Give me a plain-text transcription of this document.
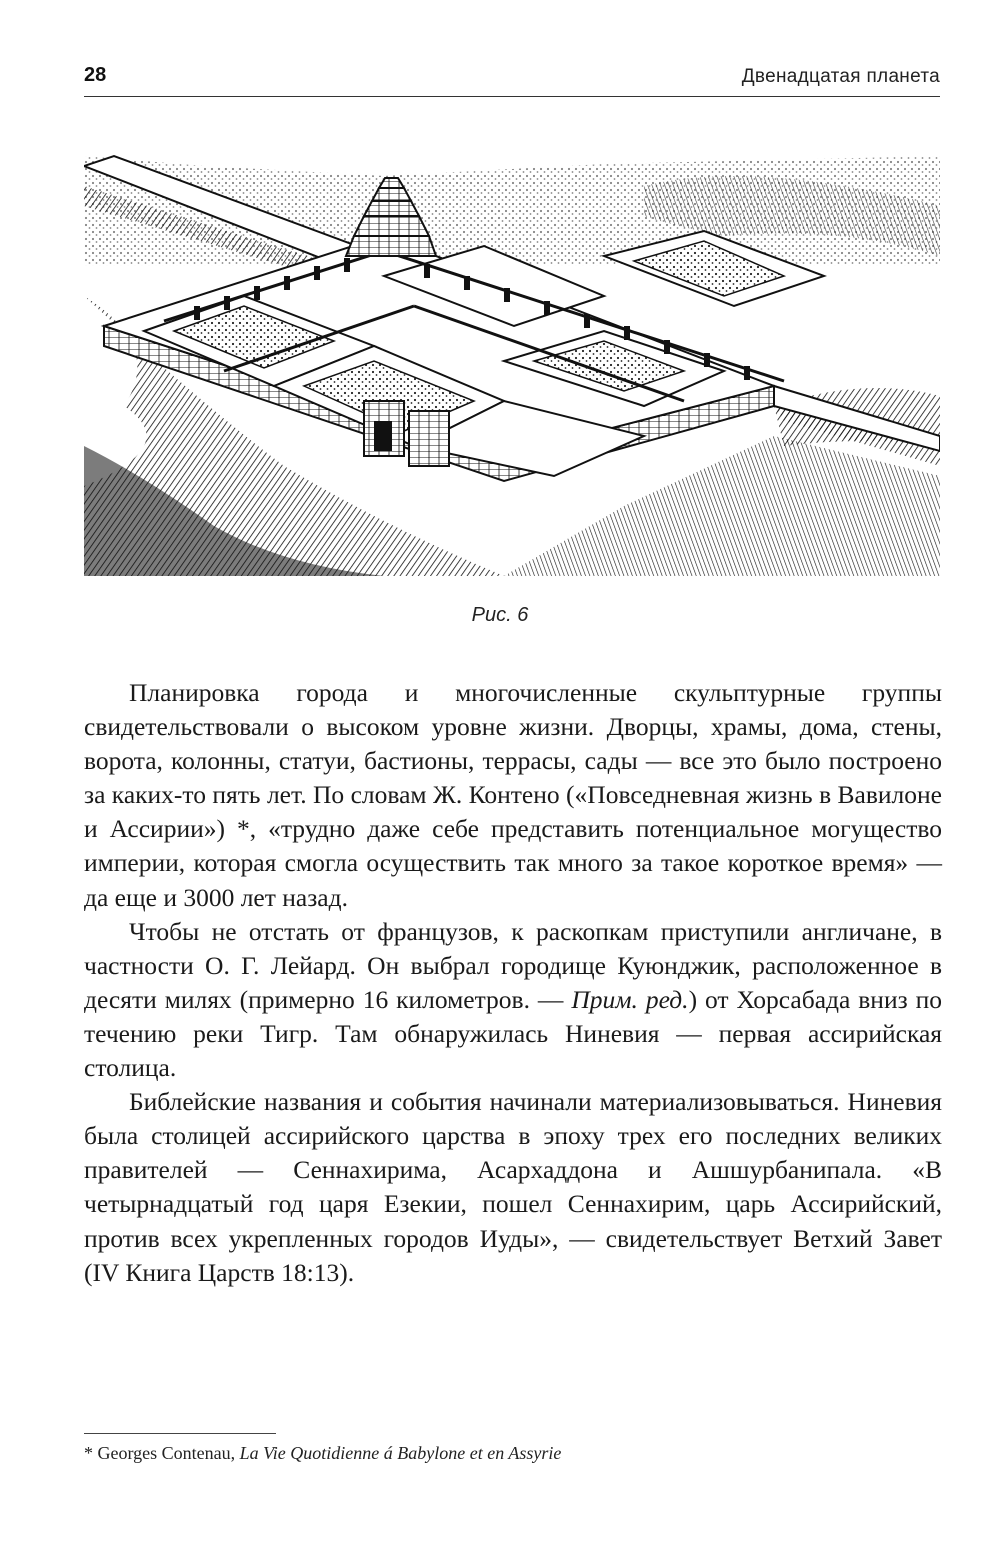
28	Двенадцатая планета
Рис. 6

Планировка города и многочисленные скульптурные группы свидетельствовали о высоком уровне жизни. Дворцы, храмы, дома, стены, ворота, колонны, статуи, бастионы, террасы, сады — все это было построено за каких-то пять лет. По словам Ж. Контено («Повседневная жизнь в Вавилоне и Ассирии») *, «трудно даже себе представить потенциальное могущество империи, которая смогла осуществить так много за такое короткое время» — да еще и 3000 лет назад.

Чтобы не отстать от французов, к раскопкам приступили англичане, в частности О. Г. Лейард. Он выбрал городище Куюнджик, расположенное в десяти милях (примерно 16 километров. — Прим. ред.) от Хорсабада вниз по течению реки Тигр. Там обнаружилась Ниневия — первая ассирийская столица.

Библейские названия и события начинали материализовываться. Ниневия была столицей ассирийского царства в эпоху трех его последних великих правителей — Сеннахирима, Асархаддона и Ашшурбанипала. «В четырнадцатый год царя Езекии, пошел Сеннахирим, царь Ассирийский, против всех укрепленных городов Иуды», — свидетельствует Ветхий Завет (IV Книга Царств 18:13).

* Georges Contenau, La Vie Quotidienne á Babylone et en Assyrie
